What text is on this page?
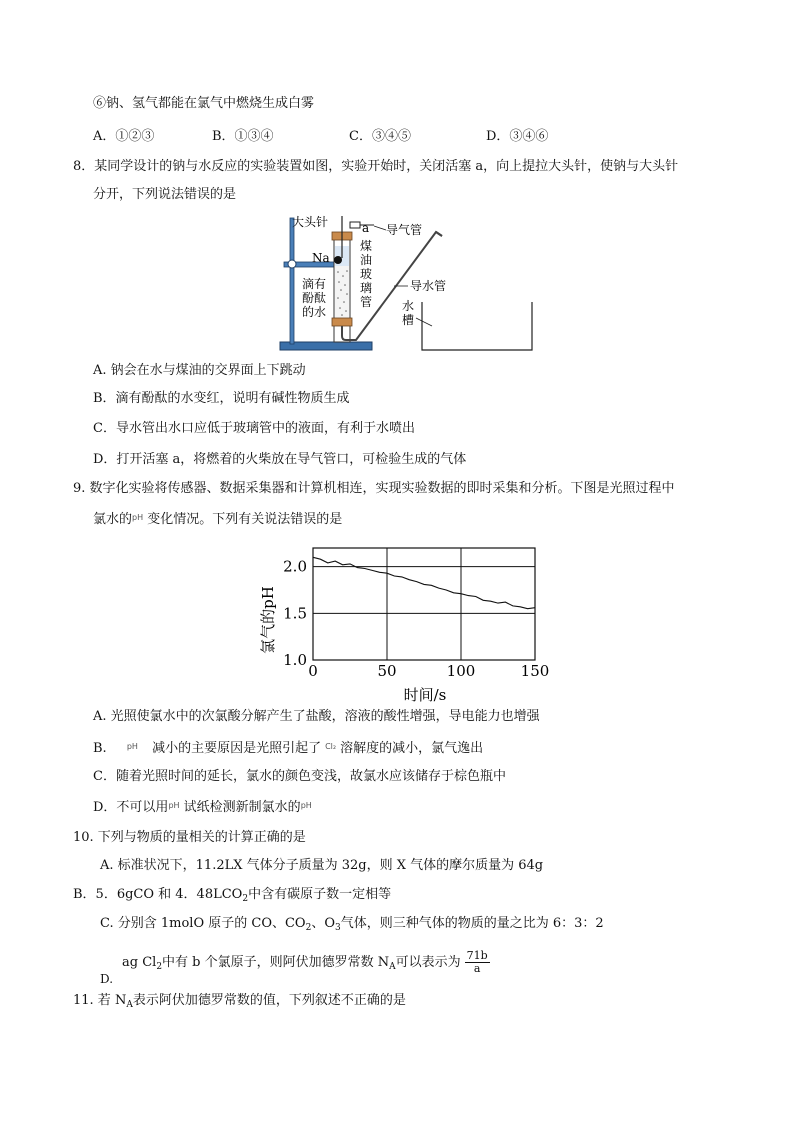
⑥钠、氢气都能在氯气中燃烧生成白雾
A．①②③	B．①③④	C．③④⑤	D．③④⑥
8．某同学设计的钠与水反应的实验装置如图，实验开始时，关闭活塞 a，向上提拉大头针，使钠与大头针
分开，下列说法错误的是
大头针	a 导气管
Na
煤
油
玻
璃
管
滴有
酚酞
的水
导水管
水
槽
A. 钠会在水与煤油的交界面上下跳动
B．滴有酚酞的水变红，说明有碱性物质生成
C．导水管出水口应低于玻璃管中的液面，有利于水喷出
D．打开活塞 a，将燃着的火柴放在导气管口，可检验生成的气体
9. 数字化实验将传感器、数据采集器和计算机相连，实现实验数据的即时采集和分析。下图是光照过程中
氯水的$^{pH}$ 变化情况。下列有关说法错误的是
0	50	100	150
1.0
1.5
2.0
氯气的pH
时间/s
A. 光照使氯水中的次氯酸分解产生了盐酸，溶液的酸性增强，导电能力也增强
B.	$^{pH}$ 减小的主要原因是光照引起了 $^{Cl_2}$ 溶解度的减小，氯气逸出
C．随着光照时间的延长，氯水的颜色变浅，故氯水应该储存于棕色瓶中
D．不可以用$^{pH}$ 试纸检测新制氯水的$^{pH}$
10. 下列与物质的量相关的计算正确的是
A. 标准状况下，11.2LX 气体分子质量为 32g，则 X 气体的摩尔质量为 64g
B．5．6gCO 和 4．$48LCO_2$中含有碳原子数一定相等
C. 分别含 1molO 原子的 CO、$CO_2$、$O_3$气体，则三种气体的物质的量之比为 6：3：2
ag $Cl_2$中有 b 个氯原子，则阿伏加德罗常数 $N_A$可以表示为 $\frac{71b}{a}$
D.
11. 若 $N_A$表示阿伏加德罗常数的值，下列叙述不正确的是
